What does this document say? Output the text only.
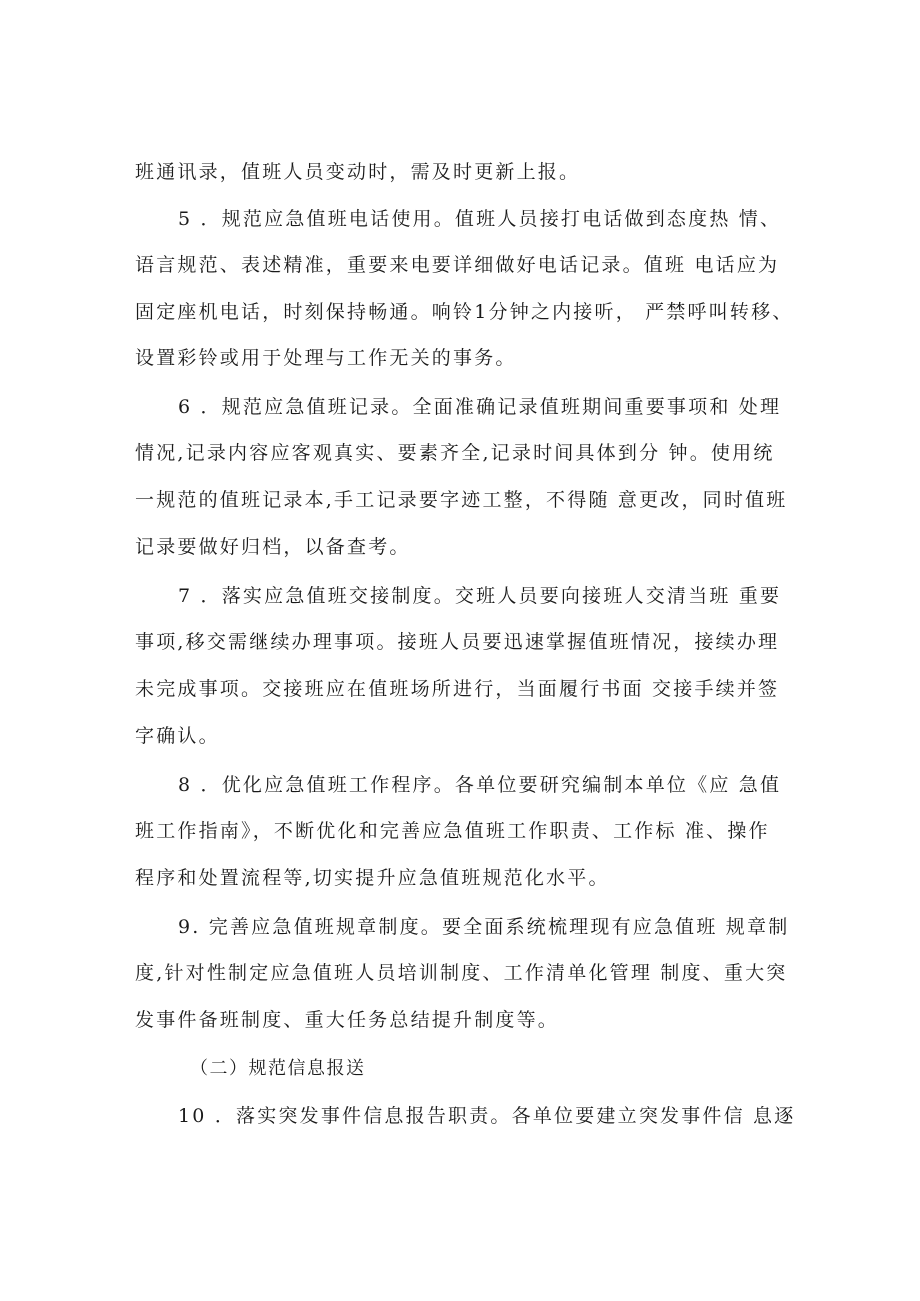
班通讯录，值班人员变动时，需及时更新上报。
5 ．规范应急值班电话使用。值班人员接打电话做到态度热 情、
语言规范、表述精准，重要来电要详细做好电话记录。值班 电话应为
固定座机电话，时刻保持畅通。响铃1分钟之内接听， 严禁呼叫转移、
设置彩铃或用于处理与工作无关的事务。
6 ．规范应急值班记录。全面准确记录值班期间重要事项和 处理
情况,记录内容应客观真实、要素齐全,记录时间具体到分 钟。使用统
一规范的值班记录本,手工记录要字迹工整，不得随 意更改，同时值班
记录要做好归档，以备查考。
7 ．落实应急值班交接制度。交班人员要向接班人交清当班 重要
事项,移交需继续办理事项。接班人员要迅速掌握值班情况，接续办理
未完成事项。交接班应在值班场所进行，当面履行书面 交接手续并签
字确认。
8 ．优化应急值班工作程序。各单位要研究编制本单位《应 急值
班工作指南》，不断优化和完善应急值班工作职责、工作标 准、操作
程序和处置流程等,切实提升应急值班规范化水平。
9. 完善应急值班规章制度。要全面系统梳理现有应急值班 规章制
度,针对性制定应急值班人员培训制度、工作清单化管理 制度、重大突
发事件备班制度、重大任务总结提升制度等。
（二）规范信息报送
10 ．落实突发事件信息报告职责。各单位要建立突发事件信 息逐
